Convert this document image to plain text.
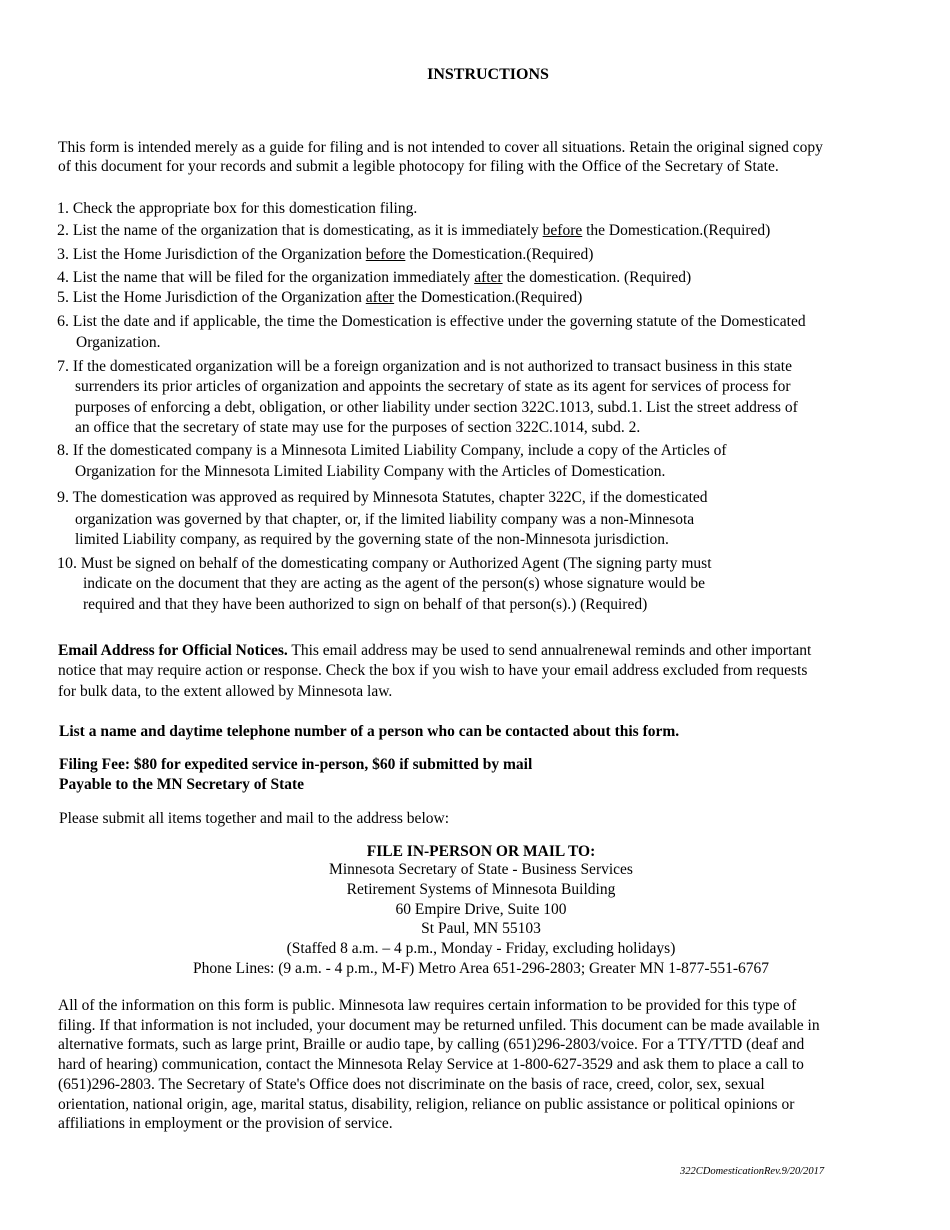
INSTRUCTIONS
This form is intended merely as a guide for filing and is not intended to cover all situations. Retain the original signed copy
of this document for your records and submit a legible photocopy for filing with the Office of the Secretary of State.
1. Check the appropriate box for this domestication filing.
2. List the name of the organization that is domesticating, as it is immediately before the Domestication.(Required)
3. List the Home Jurisdiction of the Organization before the Domestication.(Required)
4. List the name that will be filed for the organization immediately after the domestication. (Required)
5. List the Home Jurisdiction of the Organization after the Domestication.(Required)
6. List the date and if applicable, the time the Domestication is effective under the governing statute of the Domesticated
Organization.
7. If the domesticated organization will be a foreign organization and is not authorized to transact business in this state
surrenders its prior articles of organization and appoints the secretary of state as its agent for services of process for
purposes of enforcing a debt, obligation, or other liability under section 322C.1013, subd.1. List the street address of
an office that the secretary of state may use for the purposes of section 322C.1014, subd. 2.
8. If the domesticated company is a Minnesota Limited Liability Company, include a copy of the Articles of
Organization for the Minnesota Limited Liability Company with the Articles of Domestication.
9. The domestication was approved as required by Minnesota Statutes, chapter 322C, if the domesticated
organization was governed by that chapter, or, if the limited liability company was a non-Minnesota
limited Liability company, as required by the governing state of the non-Minnesota jurisdiction.
10. Must be signed on behalf of the domesticating company or Authorized Agent (The signing party must
indicate on the document that they are acting as the agent of the person(s) whose signature would be
required and that they have been authorized to sign on behalf of that person(s).) (Required)
Email Address for Official Notices. This email address may be used to send annualrenewal reminds and other important
notice that may require action or response. Check the box if you wish to have your email address excluded from requests
for bulk data, to the extent allowed by Minnesota law.
List a name and daytime telephone number of a person who can be contacted about this form.
Filing Fee: $80 for expedited service in-person, $60 if submitted by mail
Payable to the MN Secretary of State
Please submit all items together and mail to the address below:
FILE IN-PERSON OR MAIL TO:
Minnesota Secretary of State - Business Services
Retirement Systems of Minnesota Building
60 Empire Drive, Suite 100
St Paul, MN 55103
(Staffed 8 a.m. – 4 p.m., Monday - Friday, excluding holidays)
Phone Lines: (9 a.m. - 4 p.m., M-F) Metro Area 651-296-2803; Greater MN 1-877-551-6767
All of the information on this form is public. Minnesota law requires certain information to be provided for this type of
filing. If that information is not included, your document may be returned unfiled. This document can be made available in
alternative formats, such as large print, Braille or audio tape, by calling (651)296-2803/voice. For a TTY/TTD (deaf and
hard of hearing) communication, contact the Minnesota Relay Service at 1-800-627-3529 and ask them to place a call to
(651)296-2803. The Secretary of State's Office does not discriminate on the basis of race, creed, color, sex, sexual
orientation, national origin, age, marital status, disability, religion, reliance on public assistance or political opinions or
affiliations in employment or the provision of service.
322CDomesticationRev.9/20/2017
